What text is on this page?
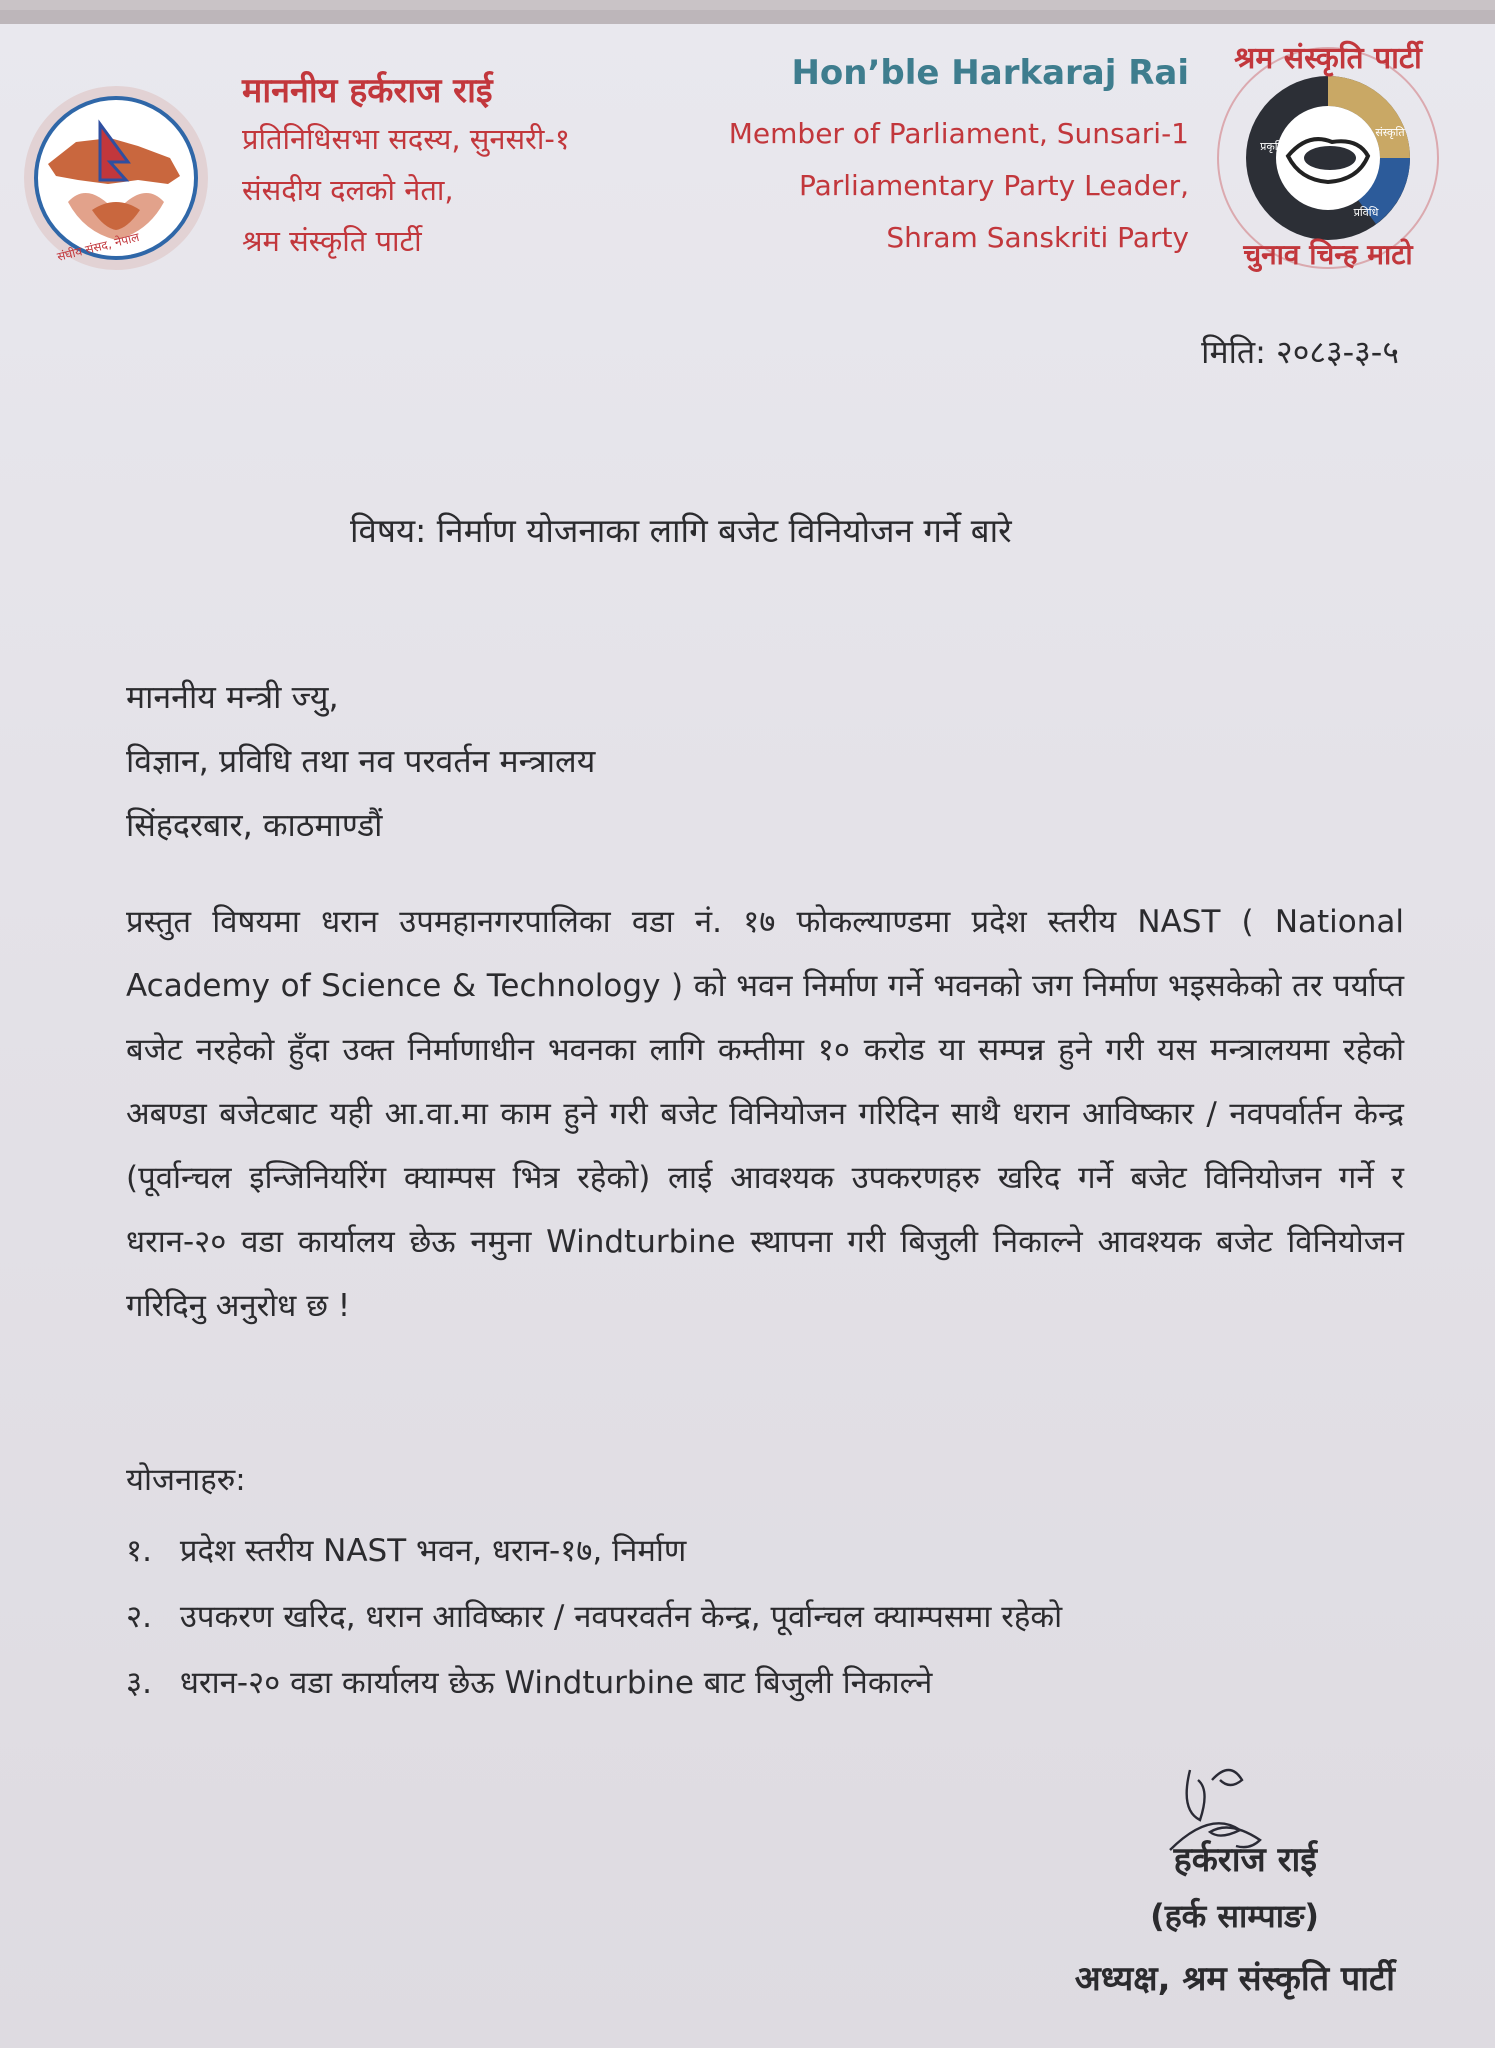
संघीय संसद, नेपाल
माननीय हर्कराज राई
प्रतिनिधिसभा सदस्य, सुनसरी-१
संसदीय दलको नेता,
श्रम संस्कृति पार्टी
Hon’ble Harkaraj Rai
Member of Parliament, Sunsari-1
Parliamentary Party Leader,
Shram Sanskriti Party
श्रम संस्कृति पार्टी
चुनाव चिन्ह माटो
प्रकृति
संस्कृति
प्रविधि
मिति: २०८३-३-५
विषय: निर्माण योजनाका लागि बजेट विनियोजन गर्ने बारे
माननीय मन्त्री ज्यु,
विज्ञान, प्रविधि तथा नव परवर्तन मन्त्रालय
सिंहदरबार, काठमाण्डौं
प्रस्तुत विषयमा धरान उपमहानगरपालिका वडा नं. १७ फोकल्याण्डमा प्रदेश स्तरीय NAST ( National Academy of Science & Technology ) को भवन निर्माण गर्ने भवनको जग निर्माण भइसकेको तर पर्याप्त बजेट नरहेको हुँदा उक्त निर्माणाधीन भवनका लागि कम्तीमा १० करोड या सम्पन्न हुने गरी यस मन्त्रालयमा रहेको अबण्डा बजेटबाट यही आ.वा.मा काम हुने गरी बजेट विनियोजन गरिदिन साथै धरान आविष्कार / नवपर्वार्तन केन्द्र (पूर्वान्चल इन्जिनियरिंग क्याम्पस भित्र रहेको) लाई आवश्यक उपकरणहरु खरिद गर्ने बजेट विनियोजन गर्ने र धरान-२० वडा कार्यालय छेऊ नमुना Windturbine स्थापना गरी बिजुली निकाल्ने आवश्यक बजेट विनियोजन गरिदिनु अनुरोध छ !
योजनाहरु:
१. प्रदेश स्तरीय NAST भवन, धरान-१७, निर्माण
२. उपकरण खरिद, धरान आविष्कार / नवपरवर्तन केन्द्र, पूर्वान्चल क्याम्पसमा रहेको
३. धरान-२० वडा कार्यालय छेऊ Windturbine बाट बिजुली निकाल्ने
हर्कराज राई
(हर्क साम्पाङ)
अध्यक्ष, श्रम संस्कृति पार्टी
